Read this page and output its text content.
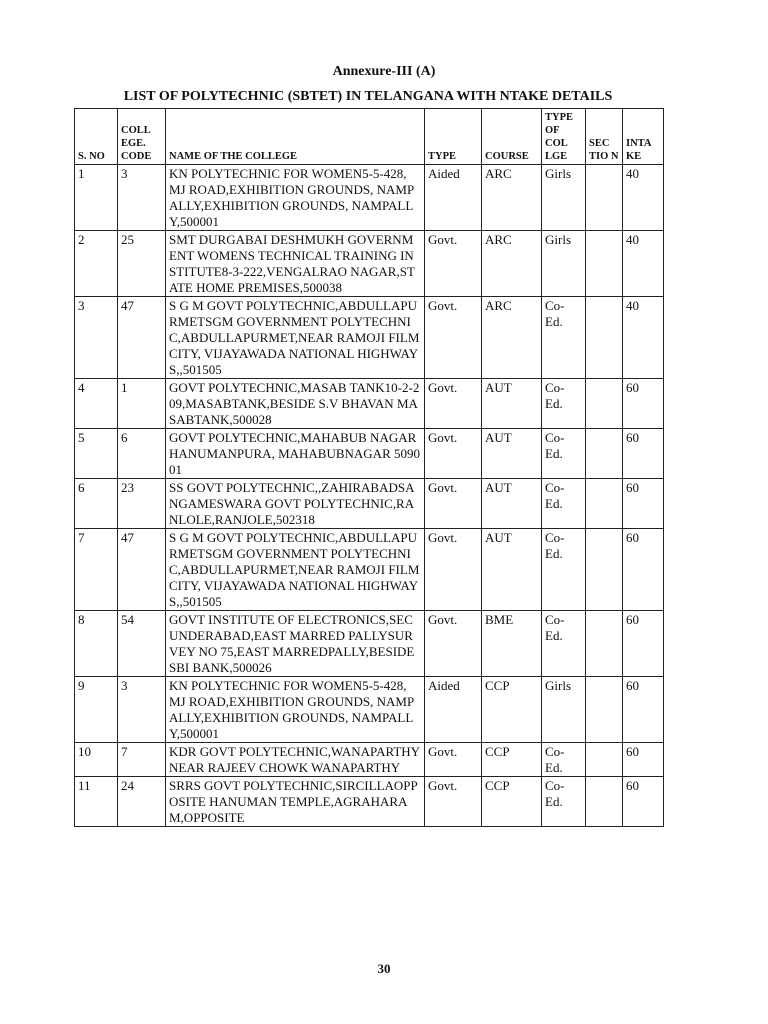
Annexure-III (A)
LIST OF POLYTECHNIC (SBTET) IN TELANGANA WITH NTAKE DETAILS
S. NO	COLL EGE. CODE	NAME OF THE COLLEGE	TYPE	COURSE	TYPE OF COL LGE	SEC TIO N	INTA KE
1	3	KN POLYTECHNIC FOR WOMEN5-5-428, MJ ROAD,EXHIBITION GROUNDS, NAMPALLY,EXHIBITION GROUNDS, NAMPALLY,500001	Aided	ARC	Girls		40
2	25	SMT DURGABAI DESHMUKH GOVERNMENT WOMENS TECHNICAL TRAINING INSTITUTE8-3-222,VENGALRAO NAGAR,STATE HOME PREMISES,500038	Govt.	ARC	Girls		40
3	47	S G M GOVT POLYTECHNIC,ABDULLAPURMETSGM GOVERNMENT POLYTECHNIC,ABDULLAPURMET,NEAR RAMOJI FILM CITY, VIJAYAWADA NATIONAL HIGHWAYS,,501505	Govt.	ARC	Co-Ed.		40
4	1	GOVT POLYTECHNIC,MASAB TANK10-2-209,MASABTANK,BESIDE S.V BHAVAN MASABTANK,500028	Govt.	AUT	Co-Ed.		60
5	6	GOVT POLYTECHNIC,MAHABUB NAGARHANUMANPURA, MAHABUBNAGAR 509001	Govt.	AUT	Co-Ed.		60
6	23	SS GOVT POLYTECHNIC,,ZAHIRABADSANGAMESWARA GOVT POLYTECHNIC,RANLOLE,RANJOLE,502318	Govt.	AUT	Co-Ed.		60
7	47	S G M GOVT POLYTECHNIC,ABDULLAPURMETSGM GOVERNMENT POLYTECHNIC,ABDULLAPURMET,NEAR RAMOJI FILM CITY, VIJAYAWADA NATIONAL HIGHWAYS,,501505	Govt.	AUT	Co-Ed.		60
8	54	GOVT INSTITUTE OF ELECTRONICS,SECUNDERABAD,EAST MARRED PALLYSURVEY NO 75,EAST MARREDPALLY,BESIDE SBI BANK,500026	Govt.	BME	Co-Ed.		60
9	3	KN POLYTECHNIC FOR WOMEN5-5-428, MJ ROAD,EXHIBITION GROUNDS, NAMPALLY,EXHIBITION GROUNDS, NAMPALLY,500001	Aided	CCP	Girls		60
10	7	KDR GOVT POLYTECHNIC,WANAPARTHYNEAR RAJEEV CHOWK WANAPARTHY	Govt.	CCP	Co-Ed.		60
11	24	SRRS GOVT POLYTECHNIC,SIRCILLAOPPOSITE HANUMAN TEMPLE,AGRAHARAM,OPPOSITE	Govt.	CCP	Co-Ed.		60
30
